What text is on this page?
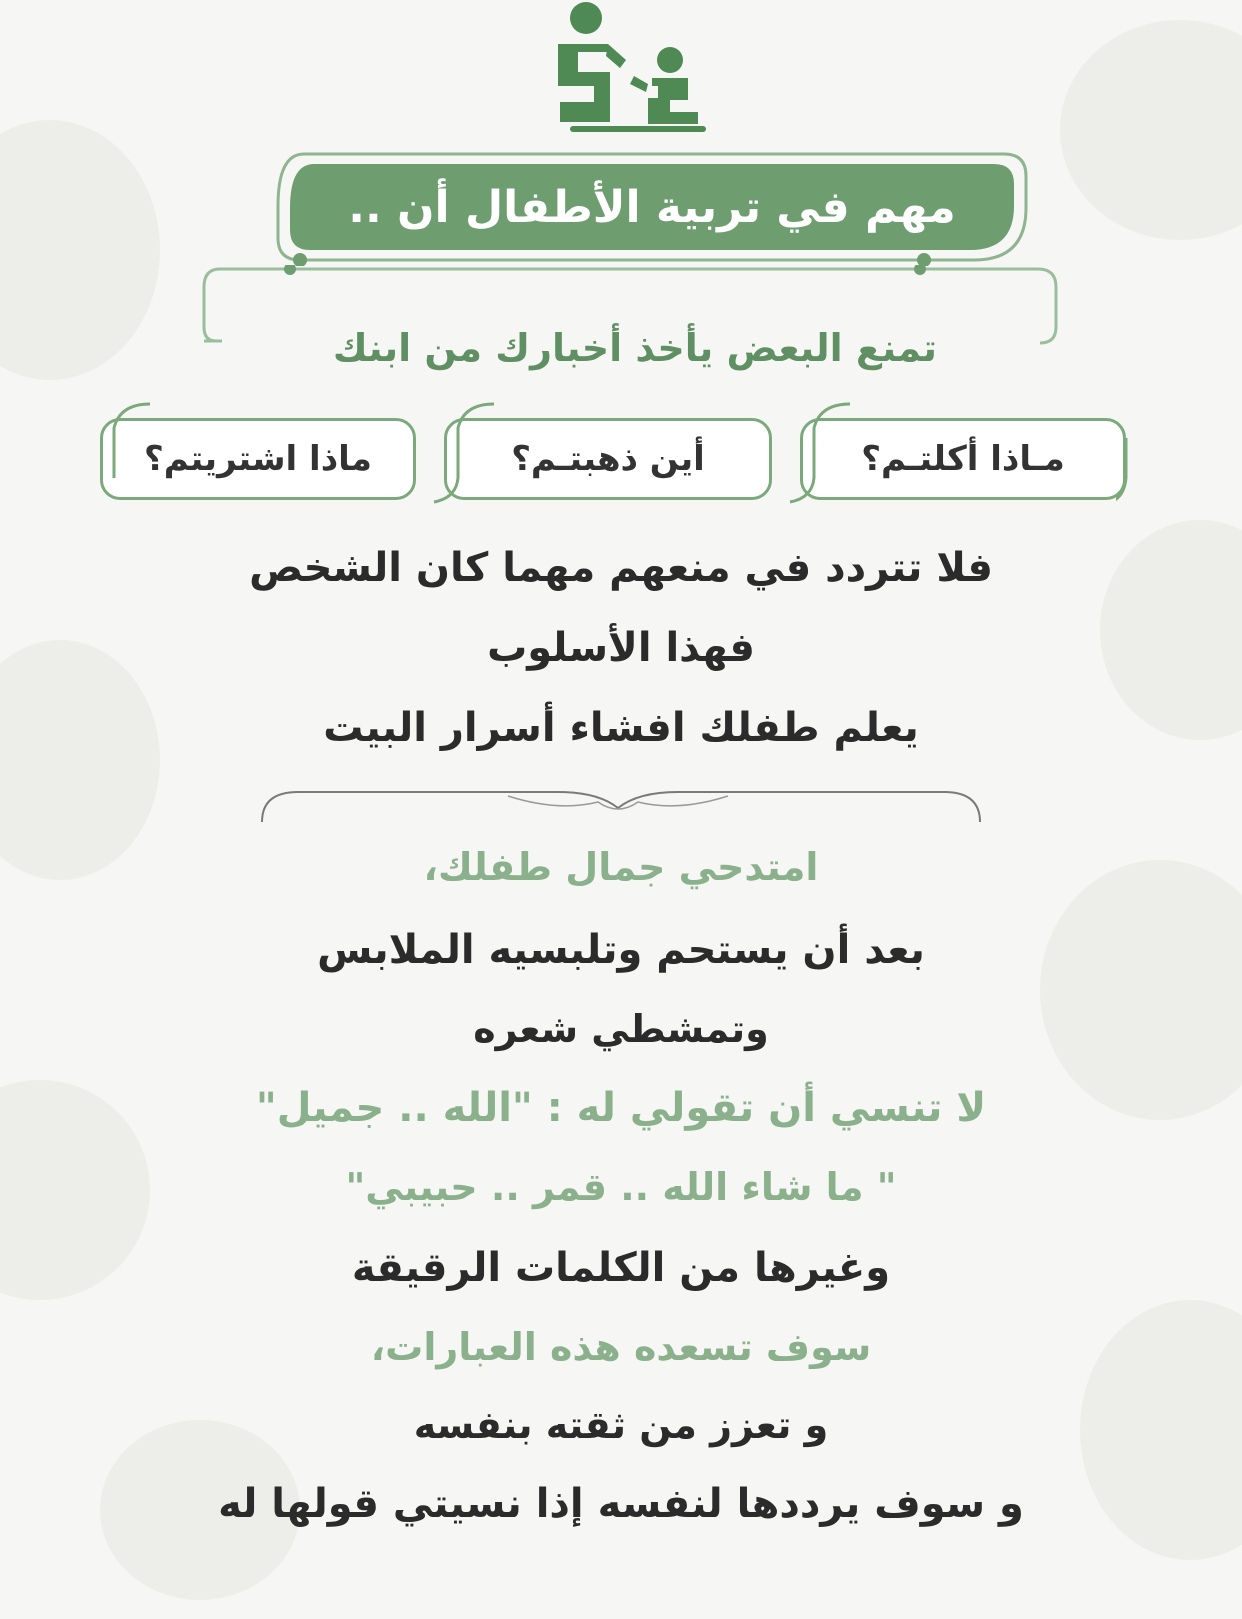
مهم في تربية الأطفال أن ..
تمنع البعض يأخذ أخبارك من ابنك
مـاذا أكلتـم؟
أين ذهبتـم؟
ماذا اشتريتم؟
فلا تتردد في منعهم مهما كان الشخص
فهذا الأسلوب
يعلم طفلك افشاء أسرار البيت
امتدحي جمال طفلك،
بعد أن يستحم وتلبسيه الملابس
وتمشطي شعره
لا تنسي أن تقولي له : "الله .. جميل"
" ما شاء الله .. قمر .. حبيبي"
وغيرها من الكلمات الرقيقة
سوف تسعده هذه العبارات،
و تعزز من ثقته بنفسه
و سوف يرددها لنفسه إذا نسيتي قولها له
